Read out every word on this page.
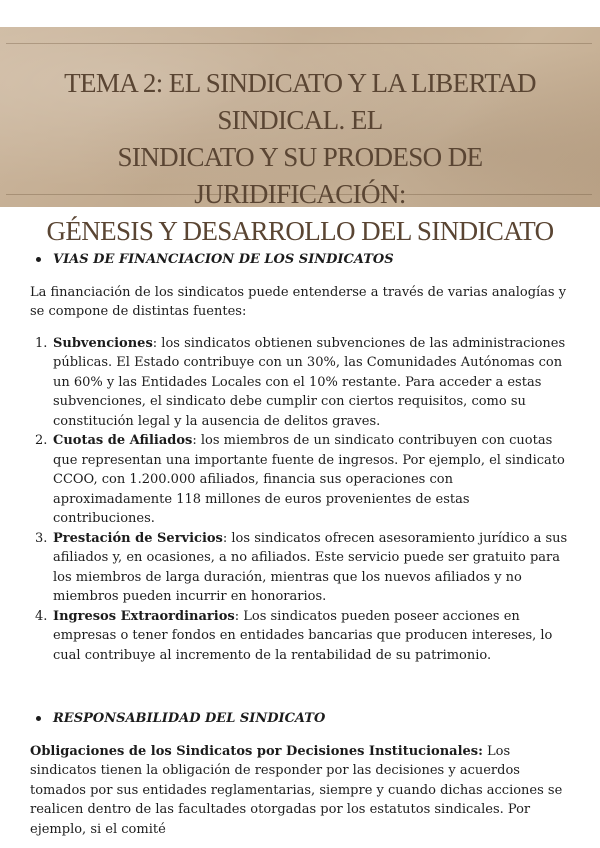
TEMA 2: EL SINDICATO Y LA LIBERTAD SINDICAL. EL
SINDICATO Y SU PRODESO DE JURIDIFICACIÓN:
GÉNESIS Y DESARROLLO DEL SINDICATO
VIAS DE FINANCIACION DE LOS SINDICATOS
La financiación de los sindicatos puede entenderse a través de varias analogías y se compone de distintas fuentes:
1. Subvenciones: los sindicatos obtienen subvenciones de las administraciones públicas. El Estado contribuye con un 30%, las Comunidades Autónomas con un 60% y las Entidades Locales con el 10% restante. Para acceder a estas subvenciones, el sindicato debe cumplir con ciertos requisitos, como su constitución legal y la ausencia de delitos graves.
2. Cuotas de Afiliados: los miembros de un sindicato contribuyen con cuotas que representan una importante fuente de ingresos. Por ejemplo, el sindicato CCOO, con 1.200.000 afiliados, financia sus operaciones con aproximadamente 118 millones de euros provenientes de estas contribuciones.
3. Prestación de Servicios: los sindicatos ofrecen asesoramiento jurídico a sus afiliados y, en ocasiones, a no afiliados. Este servicio puede ser gratuito para los miembros de larga duración, mientras que los nuevos afiliados y no miembros pueden incurrir en honorarios.
4. Ingresos Extraordinarios: Los sindicatos pueden poseer acciones en empresas o tener fondos en entidades bancarias que producen intereses, lo cual contribuye al incremento de la rentabilidad de su patrimonio.
RESPONSABILIDAD DEL SINDICATO
Obligaciones de los Sindicatos por Decisiones Institucionales: Los sindicatos tienen la obligación de responder por las decisiones y acuerdos tomados por sus entidades reglamentarias, siempre y cuando dichas acciones se realicen dentro de las facultades otorgadas por los estatutos sindicales. Por ejemplo, si el comité
